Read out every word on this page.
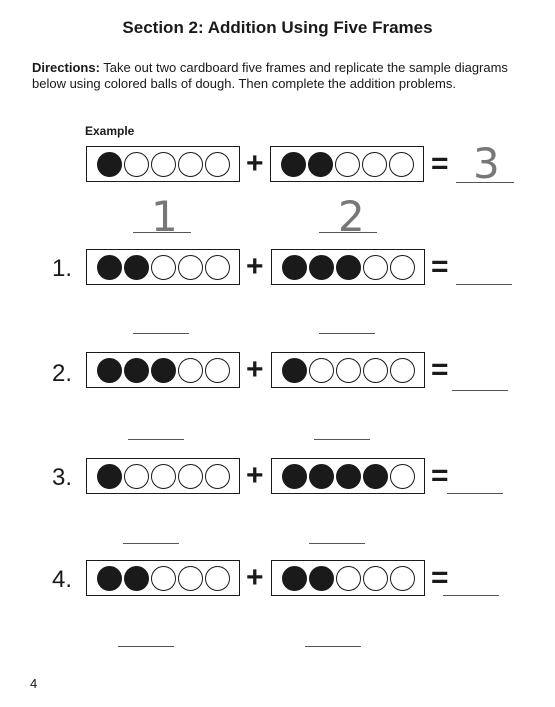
Section 2: Addition Using Five Frames
Directions: Take out two cardboard five frames and replicate the sample diagrams below using colored balls of dough. Then complete the addition problems.
Example
+	= 3
1	2
1.	+	=
2.	+	=
3.	+	=
4.	+	=
4
